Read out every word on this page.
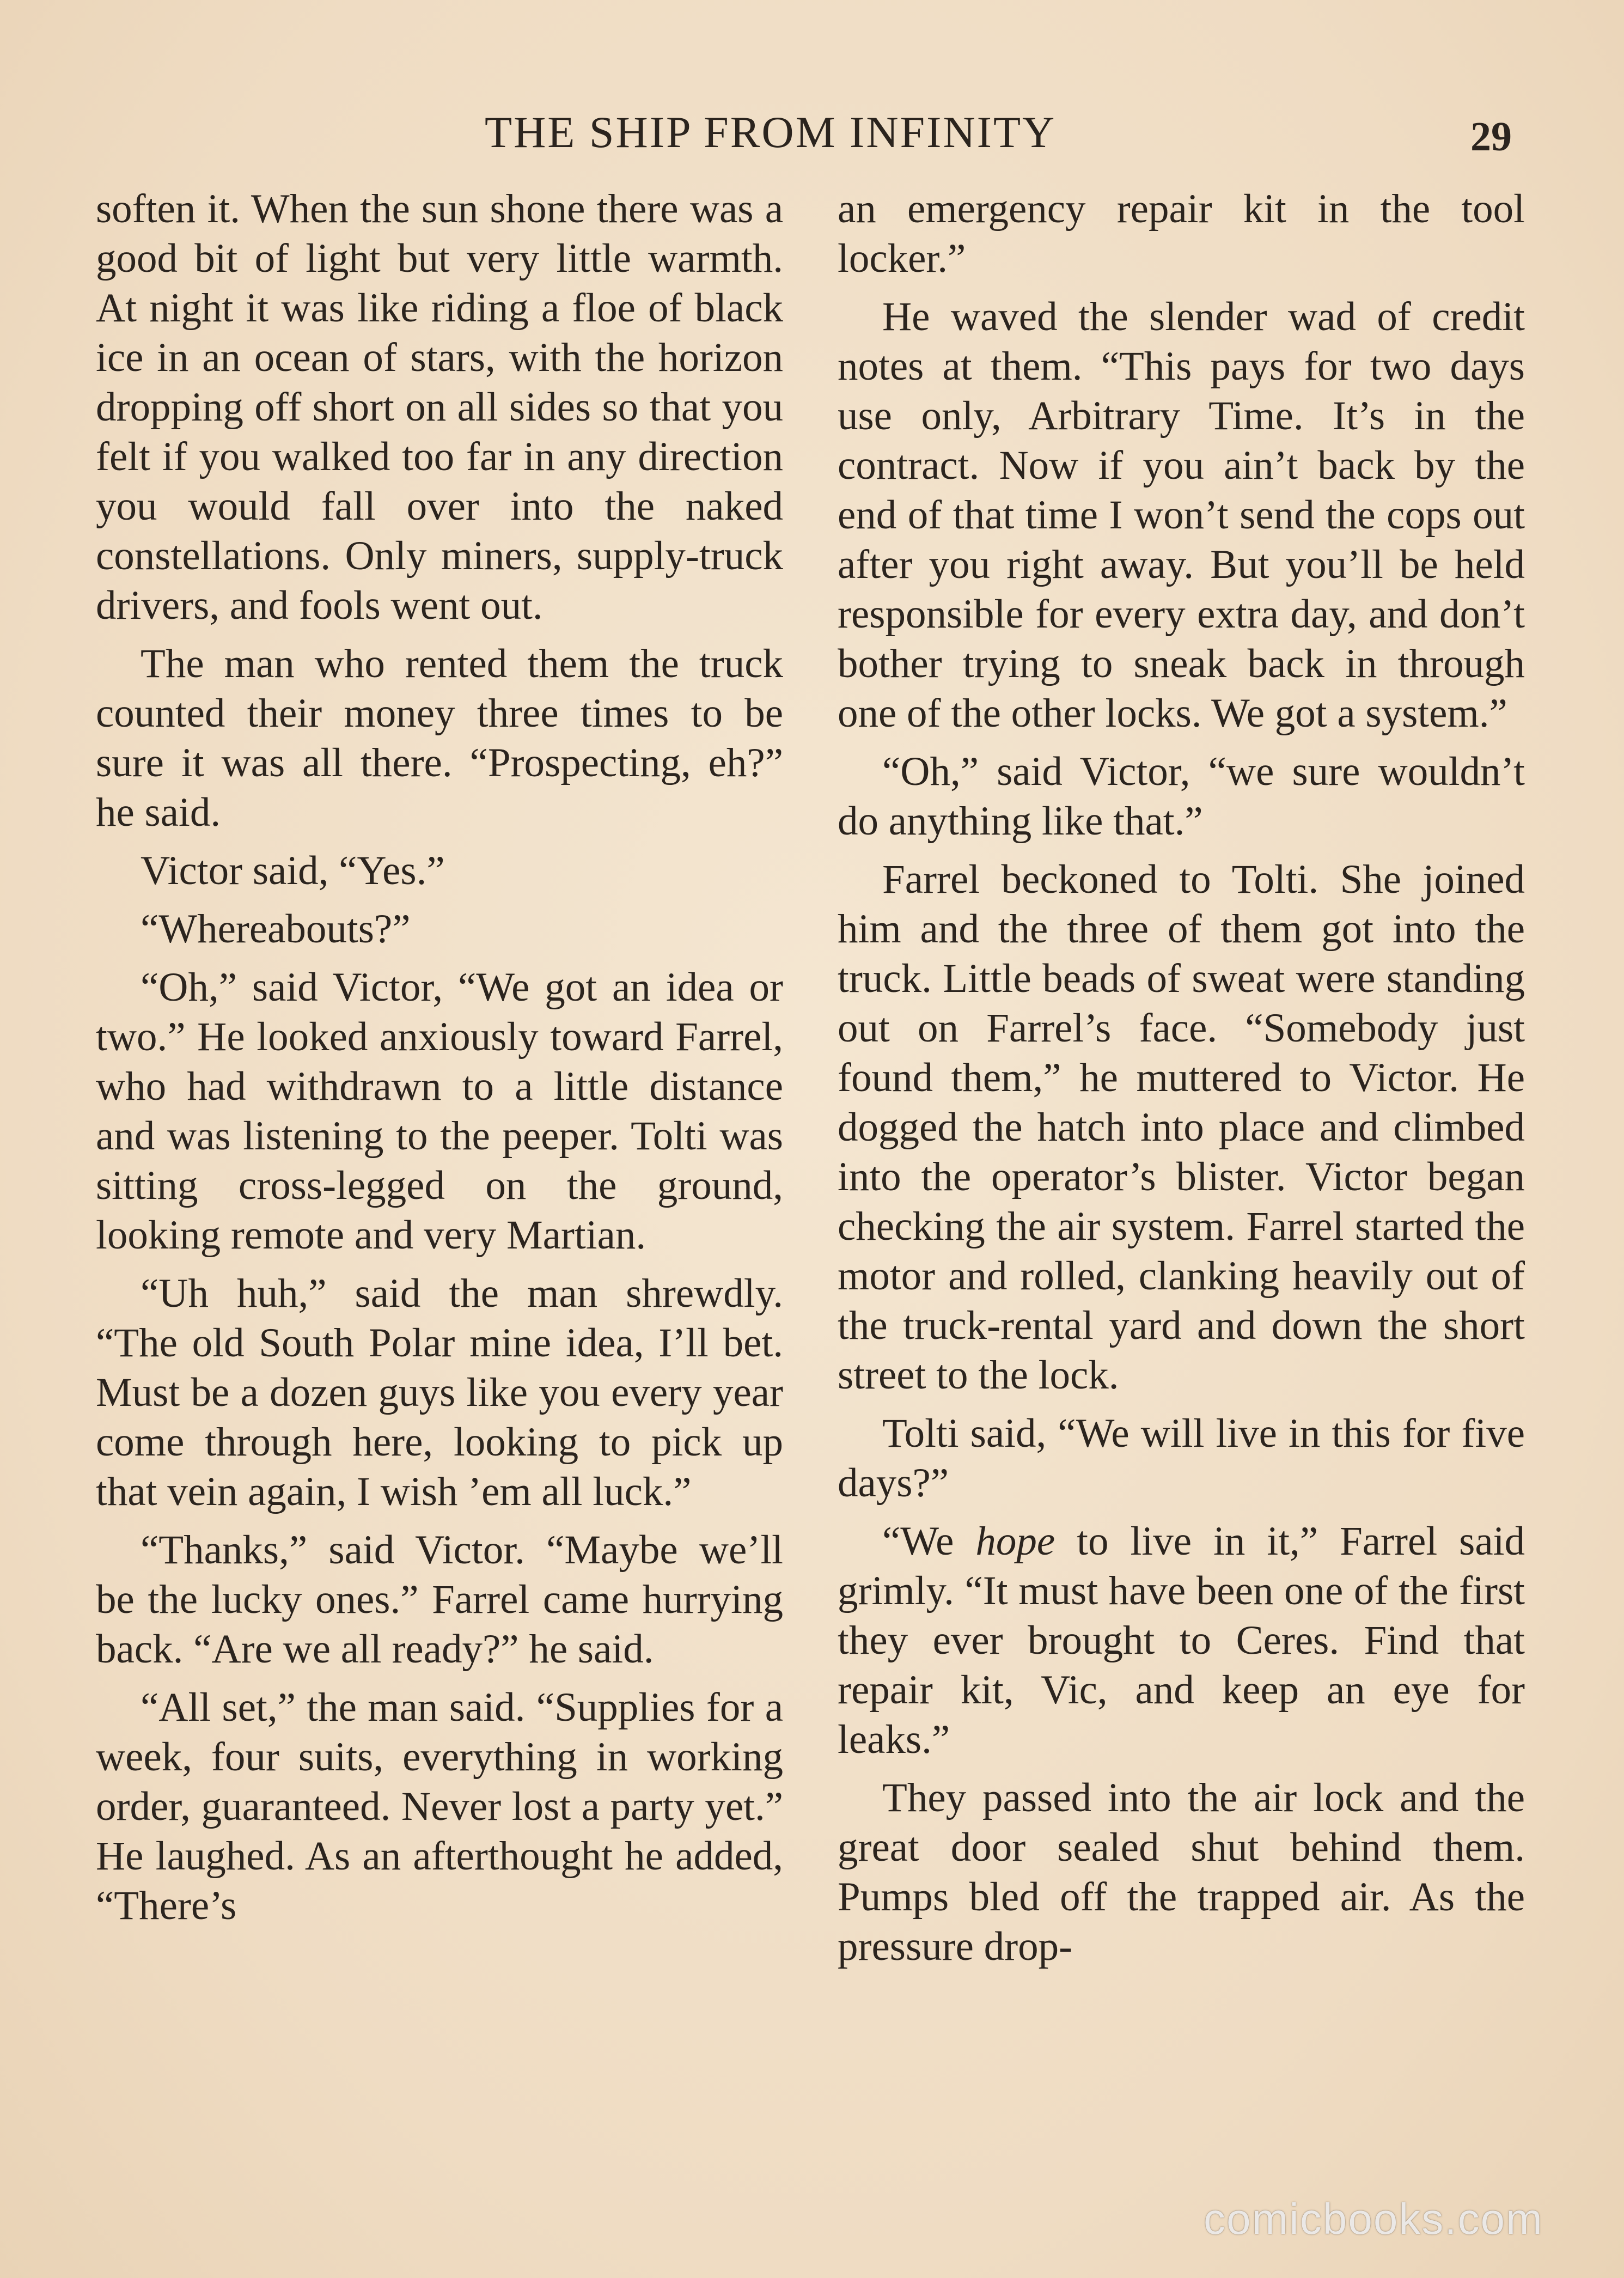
THE SHIP FROM INFINITY	29

soften it. When the sun shone there was a good bit of light but very little warmth. At night it was like riding a floe of black ice in an ocean of stars, with the horizon dropping off short on all sides so that you felt if you walked too far in any direction you would fall over into the naked constellations. Only miners, supply-truck drivers, and fools went out.

The man who rented them the truck counted their money three times to be sure it was all there. “Prospecting, eh?” he said.

Victor said, “Yes.”

“Whereabouts?”

“Oh,” said Victor, “We got an idea or two.” He looked anxiously toward Farrel, who had withdrawn to a little distance and was listening to the peeper. Tolti was sitting cross-legged on the ground, looking remote and very Martian.

“Uh huh,” said the man shrewdly. “The old South Polar mine idea, I’ll bet. Must be a dozen guys like you every year come through here, looking to pick up that vein again, I wish ’em all luck.”

“Thanks,” said Victor. “Maybe we’ll be the lucky ones.” Farrel came hurrying back. “Are we all ready?” he said.

“All set,” the man said. “Supplies for a week, four suits, everything in working order, guaranteed. Never lost a party yet.” He laughed. As an afterthought he added, “There’s

an emergency repair kit in the tool locker.”

He waved the slender wad of credit notes at them. “This pays for two days use only, Arbitrary Time. It’s in the contract. Now if you ain’t back by the end of that time I won’t send the cops out after you right away. But you’ll be held responsible for every extra day, and don’t bother trying to sneak back in through one of the other locks. We got a system.”

“Oh,” said Victor, “we sure wouldn’t do anything like that.”

Farrel beckoned to Tolti. She joined him and the three of them got into the truck. Little beads of sweat were standing out on Farrel’s face. “Somebody just found them,” he muttered to Victor. He dogged the hatch into place and climbed into the operator’s blister. Victor began checking the air system. Farrel started the motor and rolled, clanking heavily out of the truck-rental yard and down the short street to the lock.

Tolti said, “We will live in this for five days?”

“We hope to live in it,” Farrel said grimly. “It must have been one of the first they ever brought to Ceres. Find that repair kit, Vic, and keep an eye for leaks.”

They passed into the air lock and the great door sealed shut behind them. Pumps bled off the trapped air. As the pressure drop-

comicbooks.com
